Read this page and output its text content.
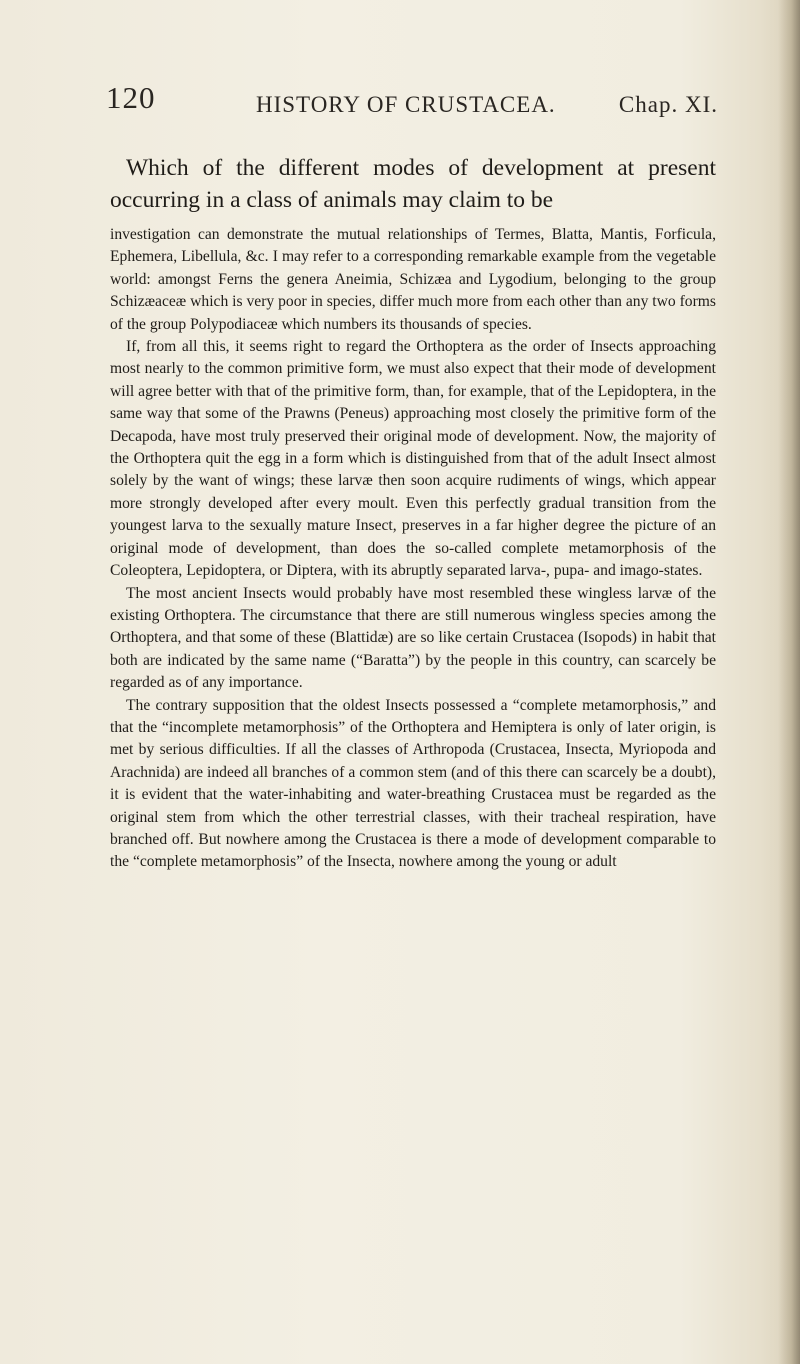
120	HISTORY OF CRUSTACEA.	Chap. XI.

Which of the different modes of development at present occurring in a class of animals may claim to be

investigation can demonstrate the mutual relationships of Termes, Blatta, Mantis, Forficula, Ephemera, Libellula, &c. I may refer to a corresponding remarkable example from the vegetable world: amongst Ferns the genera Aneimia, Schizæa and Lygodium, belonging to the group Schizæaceæ which is very poor in species, differ much more from each other than any two forms of the group Polypodiaceæ which numbers its thousands of species.

If, from all this, it seems right to regard the Orthoptera as the order of Insects approaching most nearly to the common primitive form, we must also expect that their mode of development will agree better with that of the primitive form, than, for example, that of the Lepidoptera, in the same way that some of the Prawns (Peneus) approaching most closely the primitive form of the Decapoda, have most truly preserved their original mode of development. Now, the majority of the Orthoptera quit the egg in a form which is distinguished from that of the adult Insect almost solely by the want of wings; these larvæ then soon acquire rudiments of wings, which appear more strongly developed after every moult. Even this perfectly gradual transition from the youngest larva to the sexually mature Insect, preserves in a far higher degree the picture of an original mode of development, than does the so-called complete metamorphosis of the Coleoptera, Lepidoptera, or Diptera, with its abruptly separated larva-, pupa- and imago-states.

The most ancient Insects would probably have most resembled these wingless larvæ of the existing Orthoptera. The circumstance that there are still numerous wingless species among the Orthoptera, and that some of these (Blattidæ) are so like certain Crustacea (Isopods) in habit that both are indicated by the same name (“Baratta”) by the people in this country, can scarcely be regarded as of any importance.

The contrary supposition that the oldest Insects possessed a “complete metamorphosis,” and that the “incomplete metamorphosis” of the Orthoptera and Hemiptera is only of later origin, is met by serious difficulties. If all the classes of Arthropoda (Crustacea, Insecta, Myriopoda and Arachnida) are indeed all branches of a common stem (and of this there can scarcely be a doubt), it is evident that the water-inhabiting and water-breathing Crustacea must be regarded as the original stem from which the other terrestrial classes, with their tracheal respiration, have branched off. But nowhere among the Crustacea is there a mode of development comparable to the “complete metamorphosis” of the Insecta, nowhere among the young or adult
